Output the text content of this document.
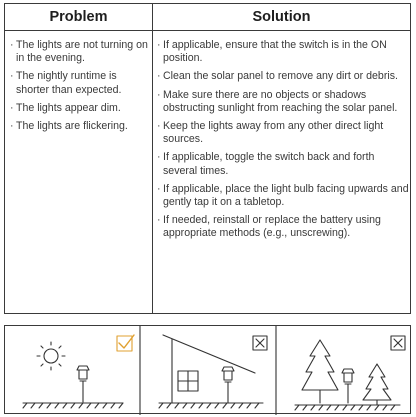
Problem	Solution
· The lights are not turning on in the evening.
· The nightly runtime is shorter than expected.
· The lights appear dim.
· The lights are flickering.
· If applicable, ensure that the switch is in the ON position.
· Clean the solar panel to remove any dirt or debris.
· Make sure there are no objects or shadows obstructing sunlight from reaching the solar panel.
· Keep the lights away from any other direct light sources.
· If applicable, toggle the switch back and forth several times.
· If applicable, place the light bulb facing upwards and gently tap it on a tabletop.
· If needed, reinstall or replace the battery using appropriate methods (e.g., unscrewing).
